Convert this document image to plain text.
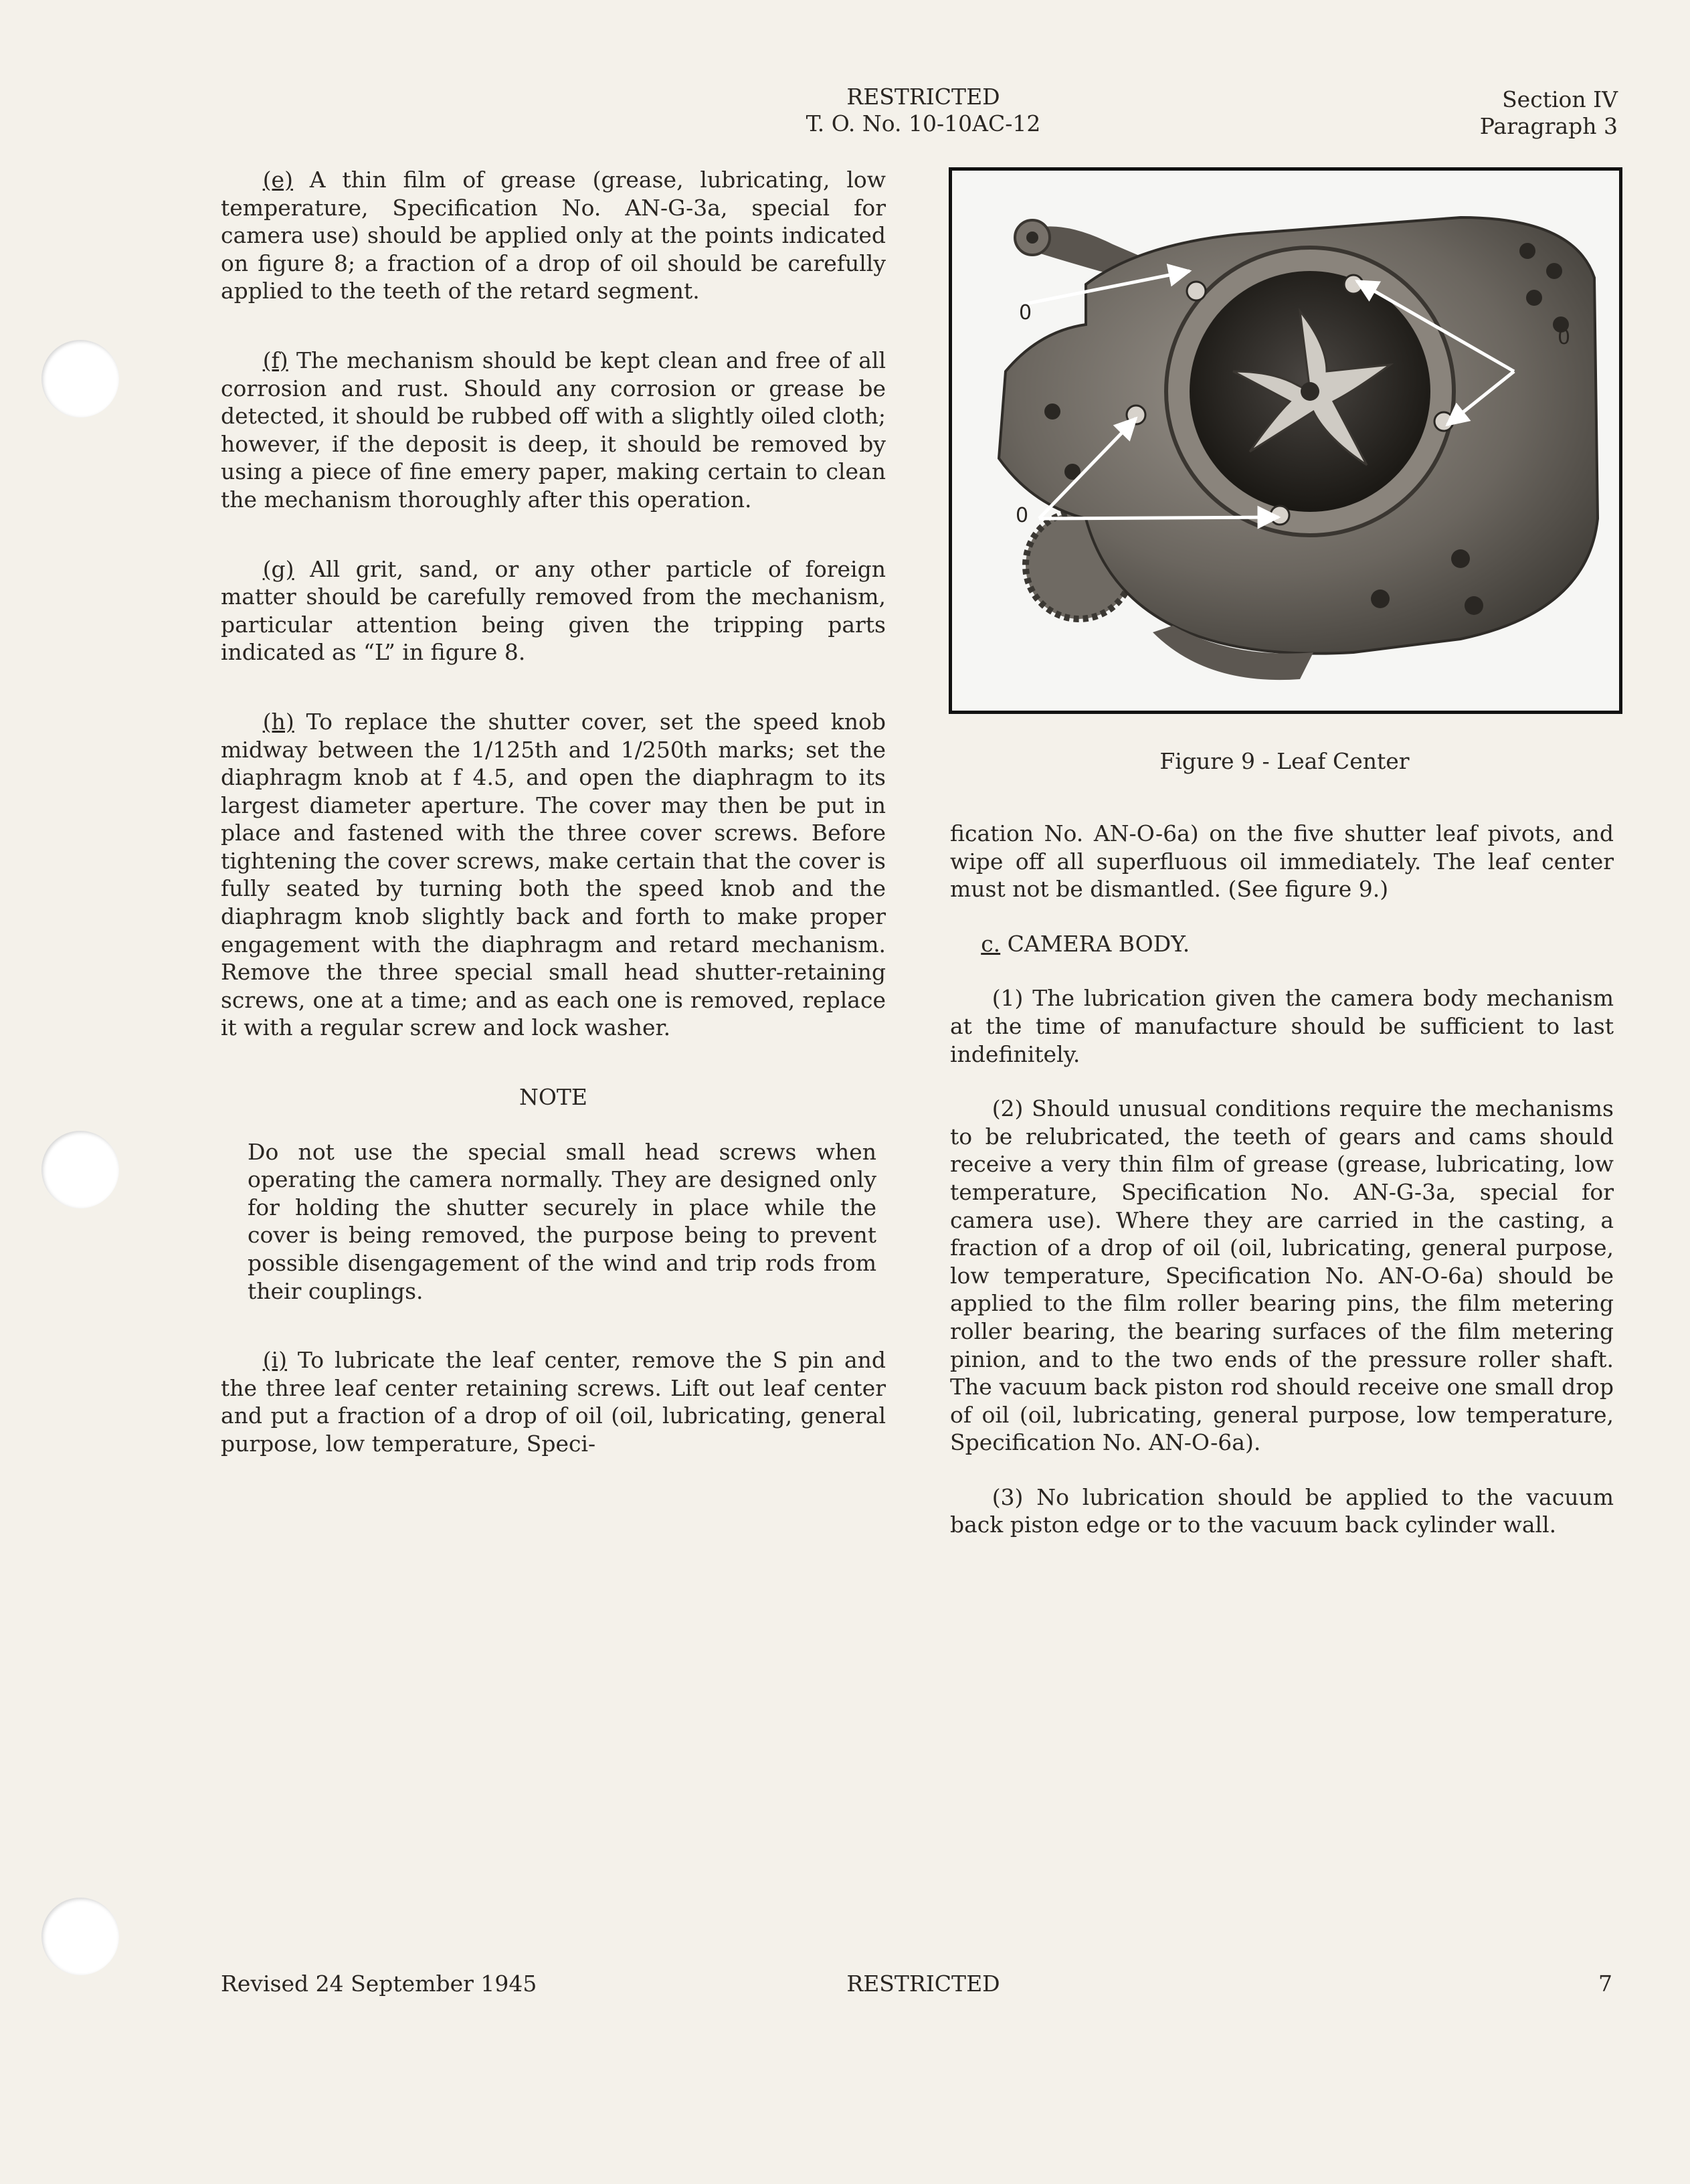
RESTRICTED
T. O. No. 10-10AC-12
Section IV
Paragraph 3

(e) A thin film of grease (grease, lubricating, low temperature, Specification No. AN-G-3a, special for camera use) should be applied only at the points indicated on figure 8; a fraction of a drop of oil should be carefully applied to the teeth of the retard segment.

(f) The mechanism should be kept clean and free of all corrosion and rust. Should any corrosion or grease be detected, it should be rubbed off with a slightly oiled cloth; however, if the deposit is deep, it should be removed by using a piece of fine emery paper, making certain to clean the mechanism thoroughly after this operation.

(g) All grit, sand, or any other particle of foreign matter should be carefully removed from the mechanism, particular attention being given the tripping parts indicated as “L” in figure 8.

(h) To replace the shutter cover, set the speed knob midway between the 1/125th and 1/250th marks; set the diaphragm knob at f 4.5, and open the diaphragm to its largest diameter aperture. The cover may then be put in place and fastened with the three cover screws. Before tightening the cover screws, make certain that the cover is fully seated by turning both the speed knob and the diaphragm knob slightly back and forth to make proper engagement with the diaphragm and retard mechanism. Remove the three special small head shutter-retaining screws, one at a time; and as each one is removed, replace it with a regular screw and lock washer.

NOTE

Do not use the special small head screws when operating the camera normally. They are designed only for holding the shutter securely in place while the cover is being removed, the purpose being to prevent possible disengagement of the wind and trip rods from their couplings.

(i) To lubricate the leaf center, remove the S pin and the three leaf center retaining screws. Lift out leaf center and put a fraction of a drop of oil (oil, lubricating, general purpose, low temperature, Speci-

0
0
0
Figure 9 - Leaf Center

fication No. AN-O-6a) on the five shutter leaf pivots, and wipe off all superfluous oil immediately. The leaf center must not be dismantled. (See figure 9.)

c. CAMERA BODY.

(1) The lubrication given the camera body mechanism at the time of manufacture should be sufficient to last indefinitely.

(2) Should unusual conditions require the mechanisms to be relubricated, the teeth of gears and cams should receive a very thin film of grease (grease, lubricating, low temperature, Specification No. AN-G-3a, special for camera use). Where they are carried in the casting, a fraction of a drop of oil (oil, lubricating, general purpose, low temperature, Specification No. AN-O-6a) should be applied to the film roller bearing pins, the film metering roller bearing, the bearing surfaces of the film metering pinion, and to the two ends of the pressure roller shaft. The vacuum back piston rod should receive one small drop of oil (oil, lubricating, general purpose, low temperature, Specification No. AN-O-6a).

(3) No lubrication should be applied to the vacuum back piston edge or to the vacuum back cylinder wall.

Revised 24 September 1945	RESTRICTED	7
